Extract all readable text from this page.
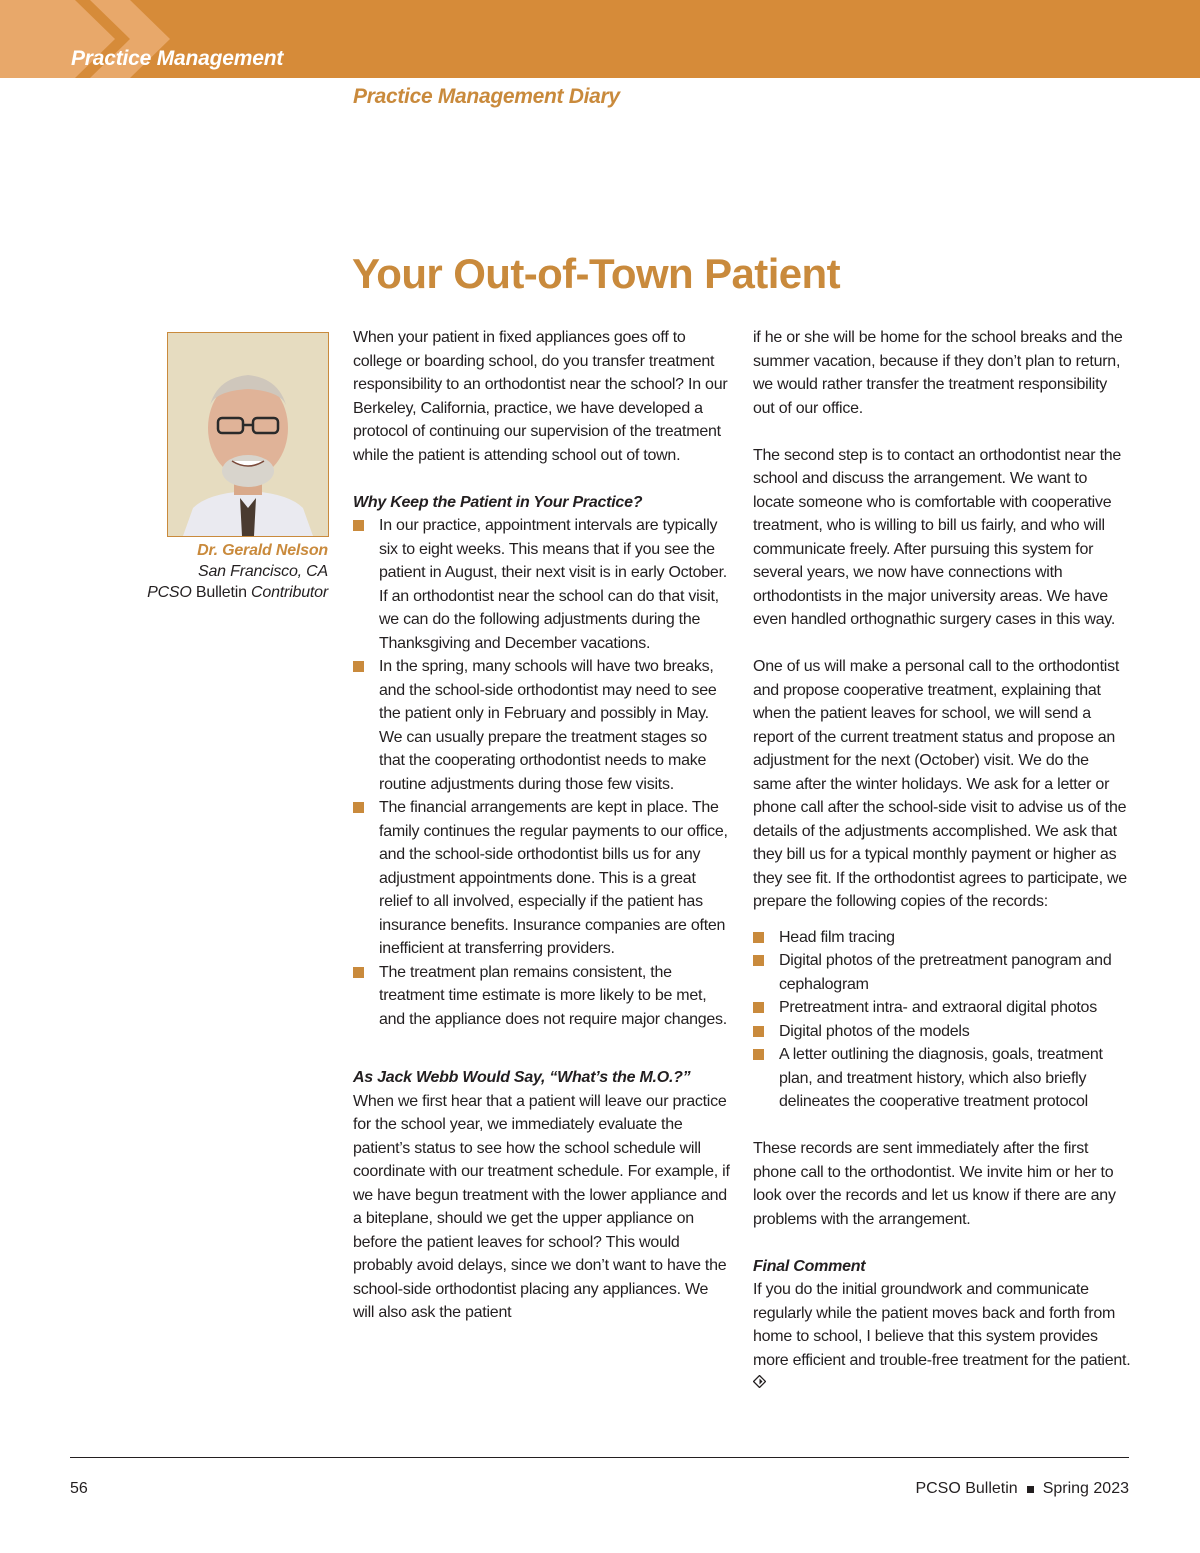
Practice Management
Practice Management Diary
Your Out-of-Town Patient
Dr. Gerald Nelson
San Francisco, CA
PCSO Bulletin Contributor

When your patient in fixed appliances goes off to college or boarding school, do you transfer treatment responsibility to an orthodontist near the school? In our Berkeley, California, practice, we have developed a protocol of continuing our supervision of the treatment while the patient is attending school out of town.

Why Keep the Patient in Your Practice?
In our practice, appointment intervals are typically six to eight weeks. This means that if you see the patient in August, their next visit is in early October. If an orthodontist near the school can do that visit, we can do the following adjustments during the Thanksgiving and December vacations.
In the spring, many schools will have two breaks, and the school-side orthodontist may need to see the patient only in February and possibly in May. We can usually prepare the treatment stages so that the cooperating orthodontist needs to make routine adjustments during those few visits.
The financial arrangements are kept in place. The family continues the regular payments to our office, and the school-side orthodontist bills us for any adjustment appointments done. This is a great relief to all involved, especially if the patient has insurance benefits. Insurance companies are often inefficient at transferring providers.
The treatment plan remains consistent, the treatment time estimate is more likely to be met, and the appliance does not require major changes.
As Jack Webb Would Say, “What’s the M.O.?”

When we first hear that a patient will leave our practice for the school year, we immediately evaluate the patient’s status to see how the school schedule will coordinate with our treatment schedule. For example, if we have begun treatment with the lower appliance and a biteplane, should we get the upper appliance on before the patient leaves for school? This would probably avoid delays, since we don’t want to have the school-side orthodontist placing any appliances. We will also ask the patient

if he or she will be home for the school breaks and the summer vacation, because if they don’t plan to return, we would rather transfer the treatment responsibility out of our office.

The second step is to contact an orthodontist near the school and discuss the arrangement. We want to locate someone who is comfortable with cooperative treatment, who is willing to bill us fairly, and who will communicate freely. After pursuing this system for several years, we now have connections with orthodontists in the major university areas. We have even handled orthognathic surgery cases in this way.

One of us will make a personal call to the orthodontist and propose cooperative treatment, explaining that when the patient leaves for school, we will send a report of the current treatment status and propose an adjustment for the next (October) visit. We do the same after the winter holidays. We ask for a letter or phone call after the school-side visit to advise us of the details of the adjustments accomplished. We ask that they bill us for a typical monthly payment or higher as they see fit. If the orthodontist agrees to participate, we prepare the following copies of the records:

Head film tracing
Digital photos of the pretreatment panogram and cephalogram
Pretreatment intra- and extraoral digital photos
Digital photos of the models
A letter outlining the diagnosis, goals, treatment plan, and treatment history, which also briefly delineates the cooperative treatment protocol

These records are sent immediately after the first phone call to the orthodontist. We invite him or her to look over the records and let us know if there are any problems with the arrangement.

Final Comment

If you do the initial groundwork and communicate regularly while the patient moves back and forth from home to school, I believe that this system provides more efficient and trouble-free treatment for the patient.

56	PCSO Bulletin Spring 2023
